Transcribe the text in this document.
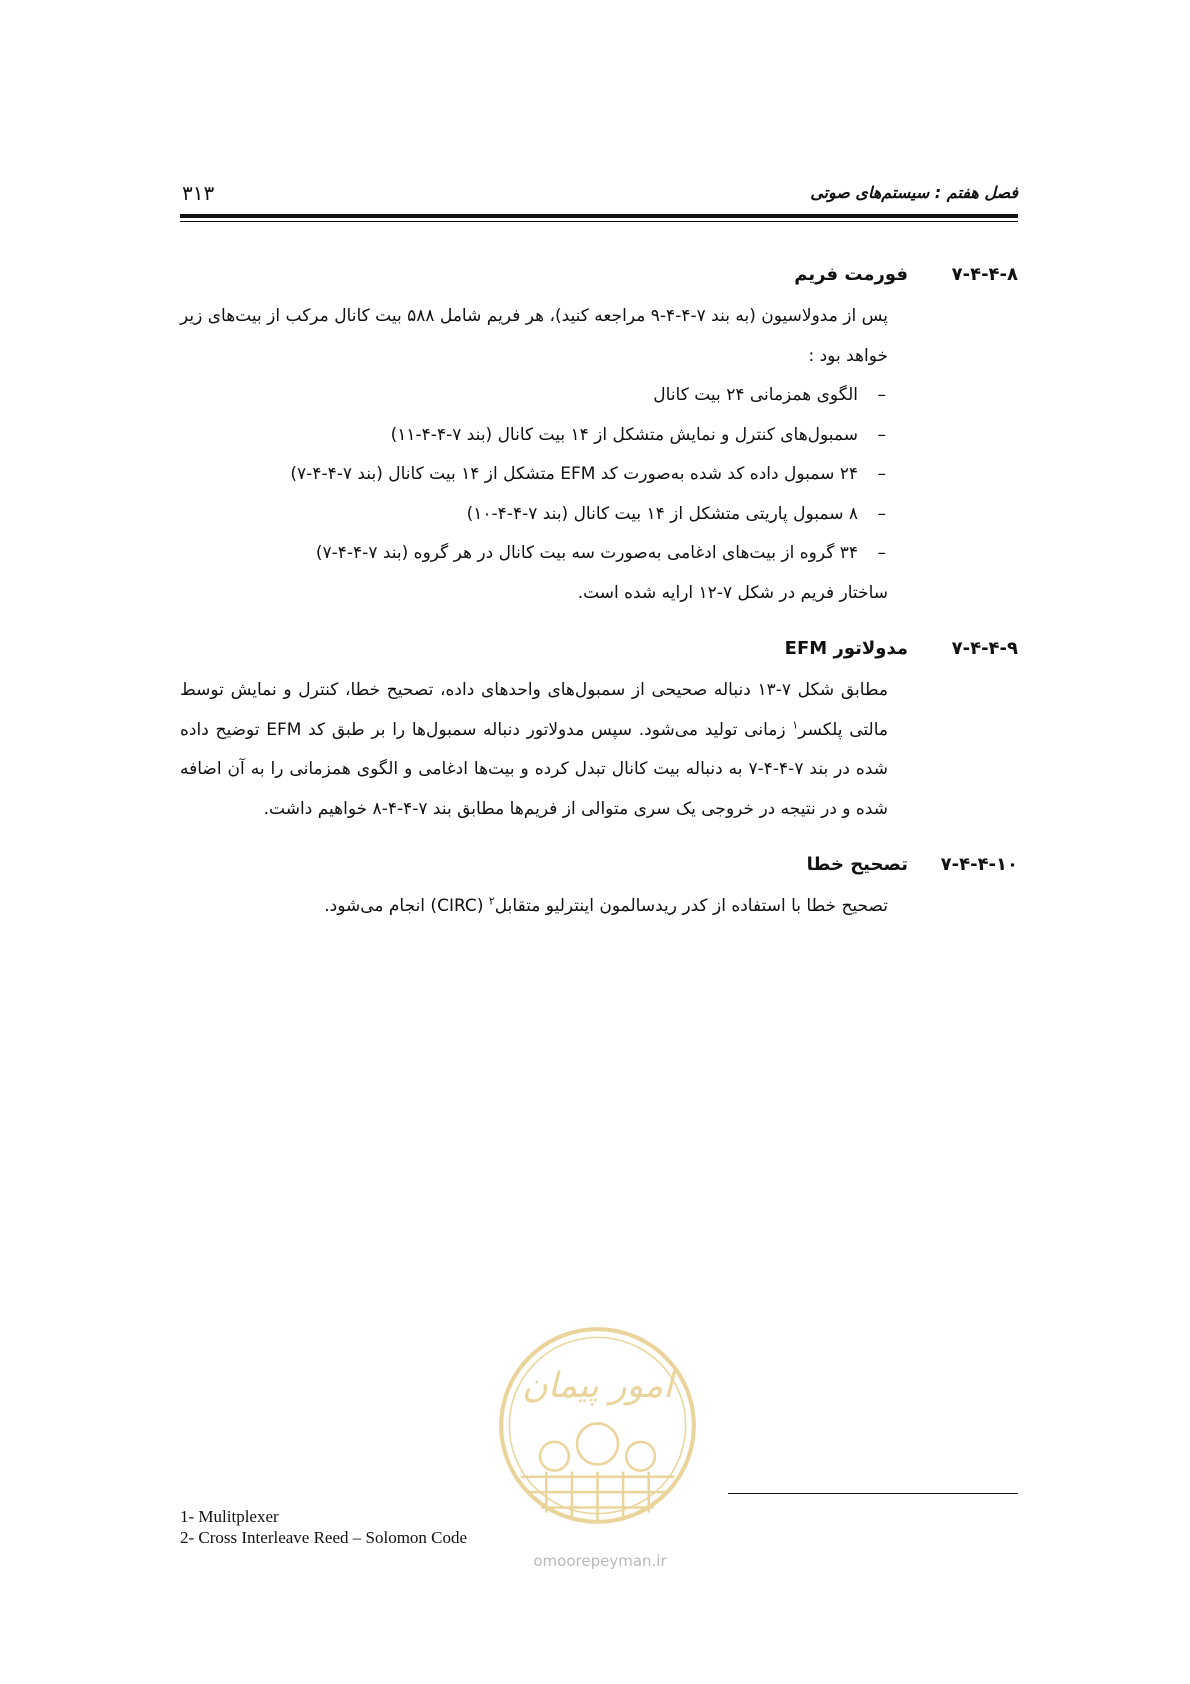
فصل هفتم : سیستم‌های صوتی
۳۱۳
۷-۴-۴-۸
فورمت فریم

پس از مدولاسیون (به بند ۷-۴-۴-۹ مراجعه کنید)، هر فریم شامل ۵۸۸ بیت کانال مرکب از بیت‌های زیر خواهد بود :

–
الگوی همزمانی ۲۴ بیت کانال
–
سمبول‌های کنترل و نمایش متشکل از ۱۴ بیت کانال (بند ۷-۴-۴-۱۱)
–
۲۴ سمبول داده کد شده به‌صورت کد EFM متشکل از ۱۴ بیت کانال (بند ۷-۴-۴-۷)
–
۸ سمبول پاریتی متشکل از ۱۴ بیت کانال (بند ۷-۴-۴-۱۰)
–
۳۴ گروه از بیت‌های ادغامی به‌صورت سه بیت کانال در هر گروه (بند ۷-۴-۴-۷)

ساختار فریم در شکل ۷-۱۲ ارایه شده است.

۷-۴-۴-۹
مدولاتور EFM

مطابق شکل ۷-۱۳ دنباله صحیحی از سمبول‌های واحدهای داده، تصحیح خطا، کنترل و نمایش توسط مالتی پلکسر$^۱$ زمانی تولید می‌شود. سپس مدولاتور دنباله سمبول‌ها را بر طبق کد EFM توضیح داده شده در بند ۷-۴-۴-۷ به دنباله بیت کانال تبدل کرده و بیت‌ها ادغامی و الگوی همزمانی را به آن اضافه شده و در نتیجه در خروجی یک سری متوالی از فریم‌ها مطابق بند ۷-۴-۴-۸ خواهیم داشت.

۷-۴-۴-۱۰
تصحیح خطا

تصحیح خطا با استفاده از کدر ریدسالمون اینترلیو متقابل$^۲$ (CIRC) انجام می‌شود.

امور پیمان
omoorepeyman.ir
1- Mulitplexer
2- Cross Interleave Reed – Solomon Code
